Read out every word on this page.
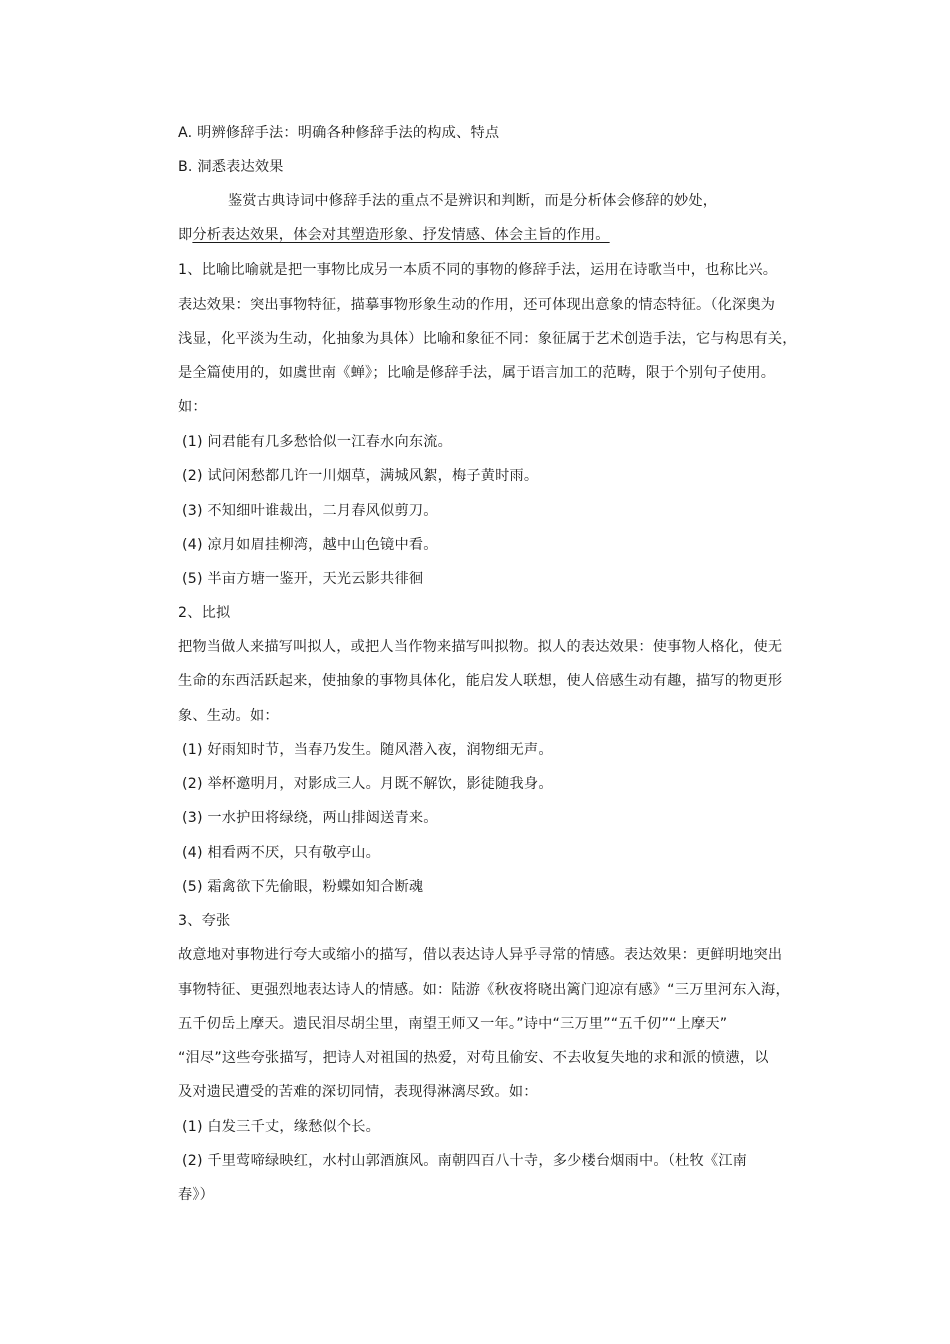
A. 明辨修辞手法：明确各种修辞手法的构成、特点
B. 洞悉表达效果
鉴赏古典诗词中修辞手法的重点不是辨识和判断，而是分析体会修辞的妙处，
即分析表达效果，体会对其塑造形象、抒发情感、体会主旨的作用。
1、比喻比喻就是把一事物比成另一本质不同的事物的修辞手法，运用在诗歌当中，也称比兴。
表达效果：突出事物特征，描摹事物形象生动的作用，还可体现出意象的情态特征。（化深奥为
浅显，化平淡为生动，化抽象为具体）比喻和象征不同：象征属于艺术创造手法，它与构思有关，
是全篇使用的，如虞世南《蝉》；比喻是修辞手法，属于语言加工的范畴，限于个别句子使用。
如：
(1) 问君能有几多愁恰似一江春水向东流。
(2) 试问闲愁都几许一川烟草，满城风絮，梅子黄时雨。
(3) 不知细叶谁裁出，二月春风似剪刀。
(4) 凉月如眉挂柳湾，越中山色镜中看。
(5) 半亩方塘一鉴开，天光云影共徘徊
2、比拟
把物当做人来描写叫拟人，或把人当作物来描写叫拟物。拟人的表达效果：使事物人格化，使无
生命的东西活跃起来，使抽象的事物具体化，能启发人联想，使人倍感生动有趣，描写的物更形
象、生动。如：
(1) 好雨知时节，当春乃发生。随风潜入夜，润物细无声。
(2) 举杯邀明月，对影成三人。月既不解饮，影徒随我身。
(3) 一水护田将绿绕，两山排闼送青来。
(4) 相看两不厌，只有敬亭山。
(5) 霜禽欲下先偷眼，粉蝶如知合断魂
3、夸张
故意地对事物进行夸大或缩小的描写，借以表达诗人异乎寻常的情感。表达效果：更鲜明地突出
事物特征、更强烈地表达诗人的情感。如：陆游《秋夜将晓出篱门迎凉有感》“三万里河东入海，
五千仞岳上摩天。遗民泪尽胡尘里，南望王师又一年。”诗中“三万里”“五千仞”“上摩天”
“泪尽”这些夸张描写，把诗人对祖国的热爱，对苟且偷安、不去收复失地的求和派的愤懑，以
及对遗民遭受的苦难的深切同情，表现得淋漓尽致。如：
(1) 白发三千丈，缘愁似个长。
(2) 千里莺啼绿映红，水村山郭酒旗风。南朝四百八十寺，多少楼台烟雨中。（杜牧《江南
春》）
